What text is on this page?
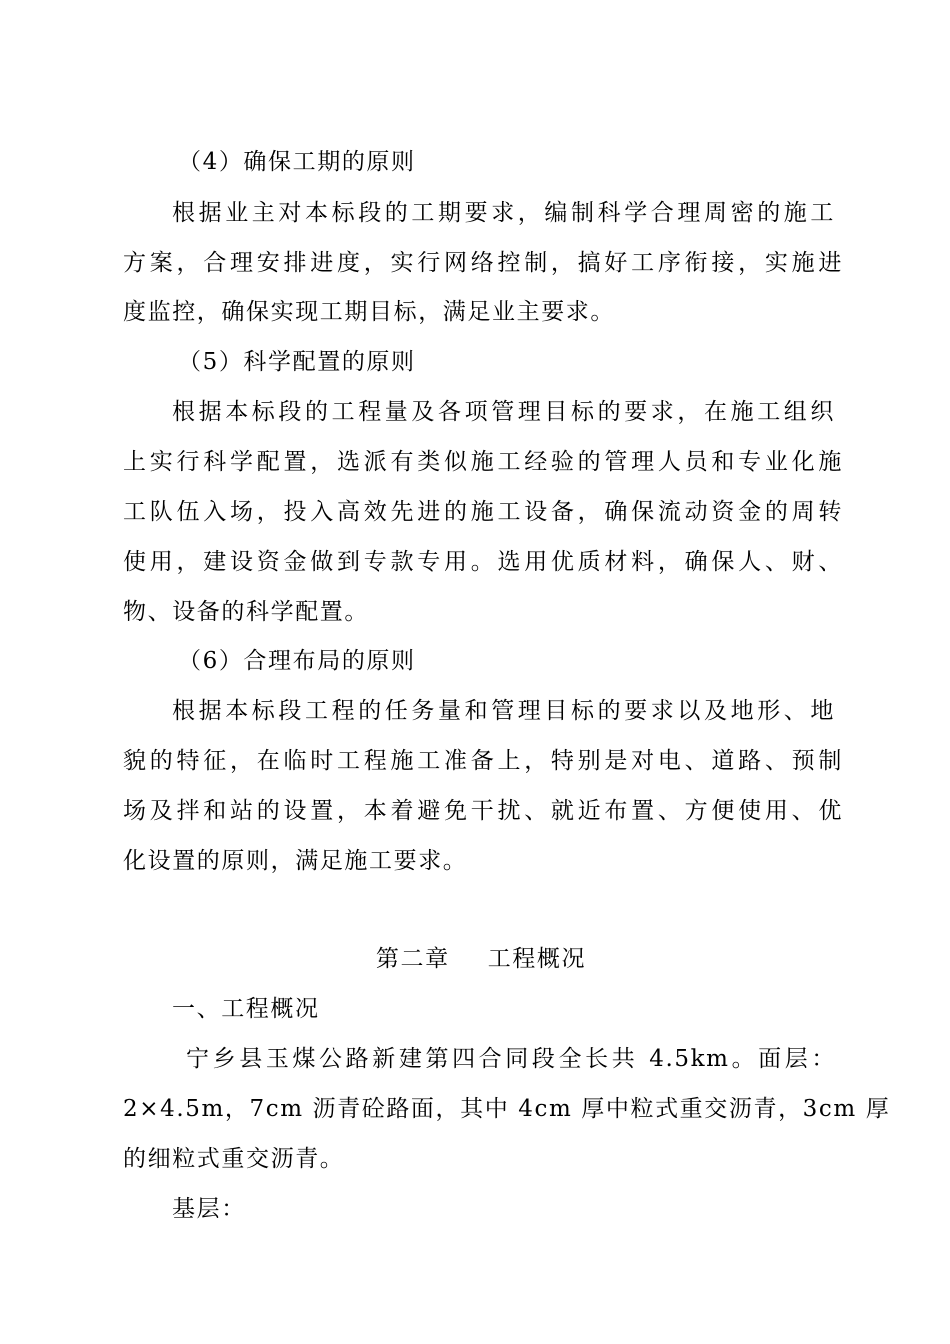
（4）确保工期的原则
根据业主对本标段的工期要求，编制科学合理周密的施工
方案，合理安排进度，实行网络控制，搞好工序衔接，实施进
度监控，确保实现工期目标，满足业主要求。
（5）科学配置的原则
根据本标段的工程量及各项管理目标的要求，在施工组织
上实行科学配置，选派有类似施工经验的管理人员和专业化施
工队伍入场，投入高效先进的施工设备，确保流动资金的周转
使用，建设资金做到专款专用。选用优质材料，确保人、财、
物、设备的科学配置。
（6）合理布局的原则
根据本标段工程的任务量和管理目标的要求以及地形、地
貌的特征，在临时工程施工准备上，特别是对电、道路、预制
场及拌和站的设置，本着避免干扰、就近布置、方便使用、优
化设置的原则，满足施工要求。
第二章 工程概况
一、工程概况
宁乡县玉煤公路新建第四合同段全长共 4.5km。面层：
2×4.5m，7cm 沥青砼路面，其中 4cm 厚中粒式重交沥青，3cm 厚
的细粒式重交沥青。
基层：
